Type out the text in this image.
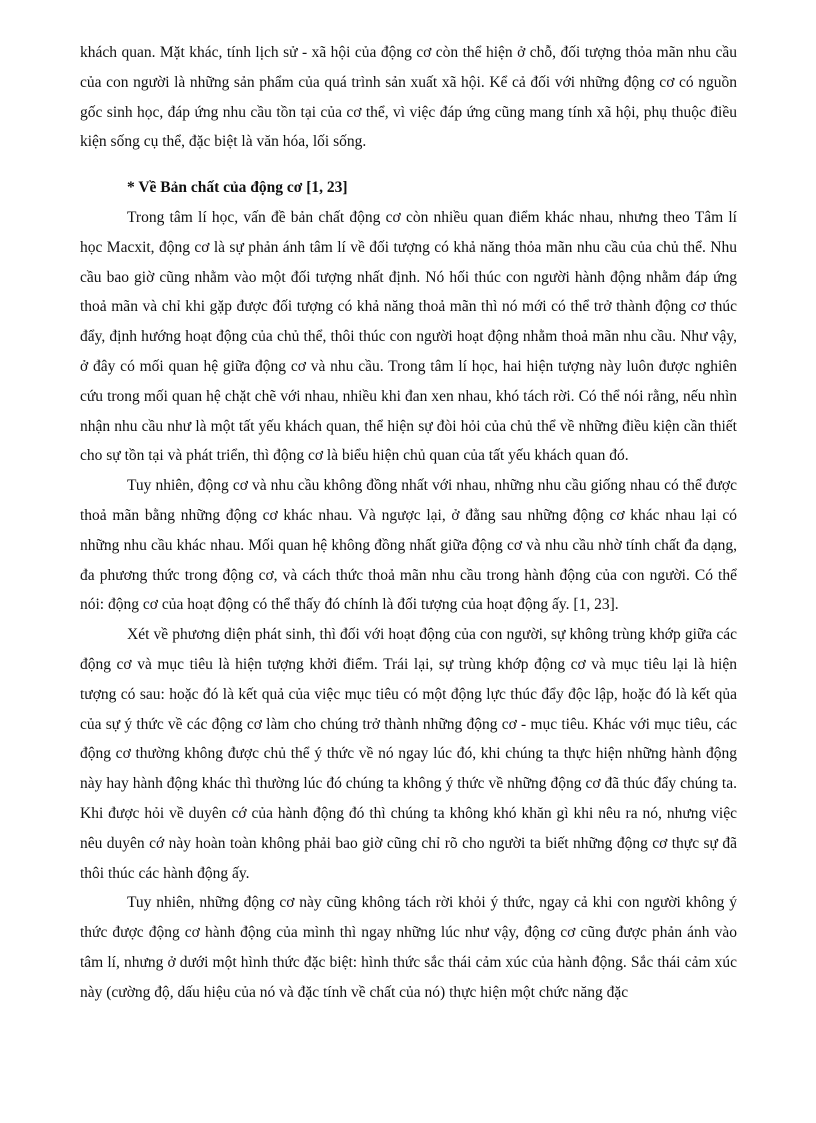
khách quan. Mặt khác, tính lịch sử - xã hội của động cơ còn thể hiện ở chỗ, đối tượng thỏa mãn nhu cầu của con người là những sản phẩm của quá trình sản xuất xã hội. Kể cả đối với những động cơ có nguồn gốc sinh học, đáp ứng nhu cầu tồn tại của cơ thể, vì việc đáp ứng cũng mang tính xã hội, phụ thuộc điều kiện sống cụ thể, đặc biệt là văn hóa, lối sống.

* Về Bản chất của động cơ [1, 23]

Trong tâm lí học, vấn đề bản chất động cơ còn nhiều quan điểm khác nhau, nhưng theo Tâm lí học Macxit, động cơ là sự phản ánh tâm lí về đối tượng có khả năng thỏa mãn nhu cầu của chủ thể. Nhu cầu bao giờ cũng nhằm vào một đối tượng nhất định. Nó hối thúc con người hành động nhằm đáp ứng thoả mãn và chỉ khi gặp được đối tượng có khả năng thoả mãn thì nó mới có thể trở thành động cơ thúc đẩy, định hướng hoạt động của chủ thể, thôi thúc con người hoạt động nhằm thoả mãn nhu cầu. Như vậy, ở đây có mối quan hệ giữa động cơ và nhu cầu. Trong tâm lí học, hai hiện tượng này luôn được nghiên cứu trong mối quan hệ chặt chẽ với nhau, nhiều khi đan xen nhau, khó tách rời. Có thể nói rằng, nếu nhìn nhận nhu cầu như là một tất yếu khách quan, thể hiện sự đòi hỏi của chủ thể về những điều kiện cần thiết cho sự tồn tại và phát triển, thì động cơ là biểu hiện chủ quan của tất yếu khách quan đó.

Tuy nhiên, động cơ và nhu cầu không đồng nhất với nhau, những nhu cầu giống nhau có thể được thoả mãn bằng những động cơ khác nhau. Và ngược lại, ở đằng sau những động cơ khác nhau lại có những nhu cầu khác nhau. Mối quan hệ không đồng nhất giữa động cơ và nhu cầu nhờ tính chất đa dạng, đa phương thức trong động cơ, và cách thức thoả mãn nhu cầu trong hành động của con người. Có thể nói: động cơ của hoạt động có thể thấy đó chính là đối tượng của hoạt động ấy. [1, 23].

Xét về phương diện phát sinh, thì đối với hoạt động của con người, sự không trùng khớp giữa các động cơ và mục tiêu là hiện tượng khởi điểm. Trái lại, sự trùng khớp động cơ và mục tiêu lại là hiện tượng có sau: hoặc đó là kết quả của việc mục tiêu có một động lực thúc đẩy độc lập, hoặc đó là kết qủa của sự ý thức về các động cơ làm cho chúng trở thành những động cơ - mục tiêu. Khác với mục tiêu, các động cơ thường không được chủ thể ý thức về nó ngay lúc đó, khi chúng ta thực hiện những hành động này hay hành động khác thì thường lúc đó chúng ta không ý thức về những động cơ đã thúc đẩy chúng ta. Khi được hỏi về duyên cớ của hành động đó thì chúng ta không khó khăn gì khi nêu ra nó, nhưng việc nêu duyên cớ này hoàn toàn không phải bao giờ cũng chỉ rõ cho người ta biết những động cơ thực sự đã thôi thúc các hành động ấy.

Tuy nhiên, những động cơ này cũng không tách rời khỏi ý thức, ngay cả khi con người không ý thức được động cơ hành động của mình thì ngay những lúc như vậy, động cơ cũng được phản ánh vào tâm lí, nhưng ở dưới một hình thức đặc biệt: hình thức sắc thái cảm xúc của hành động. Sắc thái cảm xúc này (cường độ, dấu hiệu của nó và đặc tính về chất của nó) thực hiện một chức năng đặc
